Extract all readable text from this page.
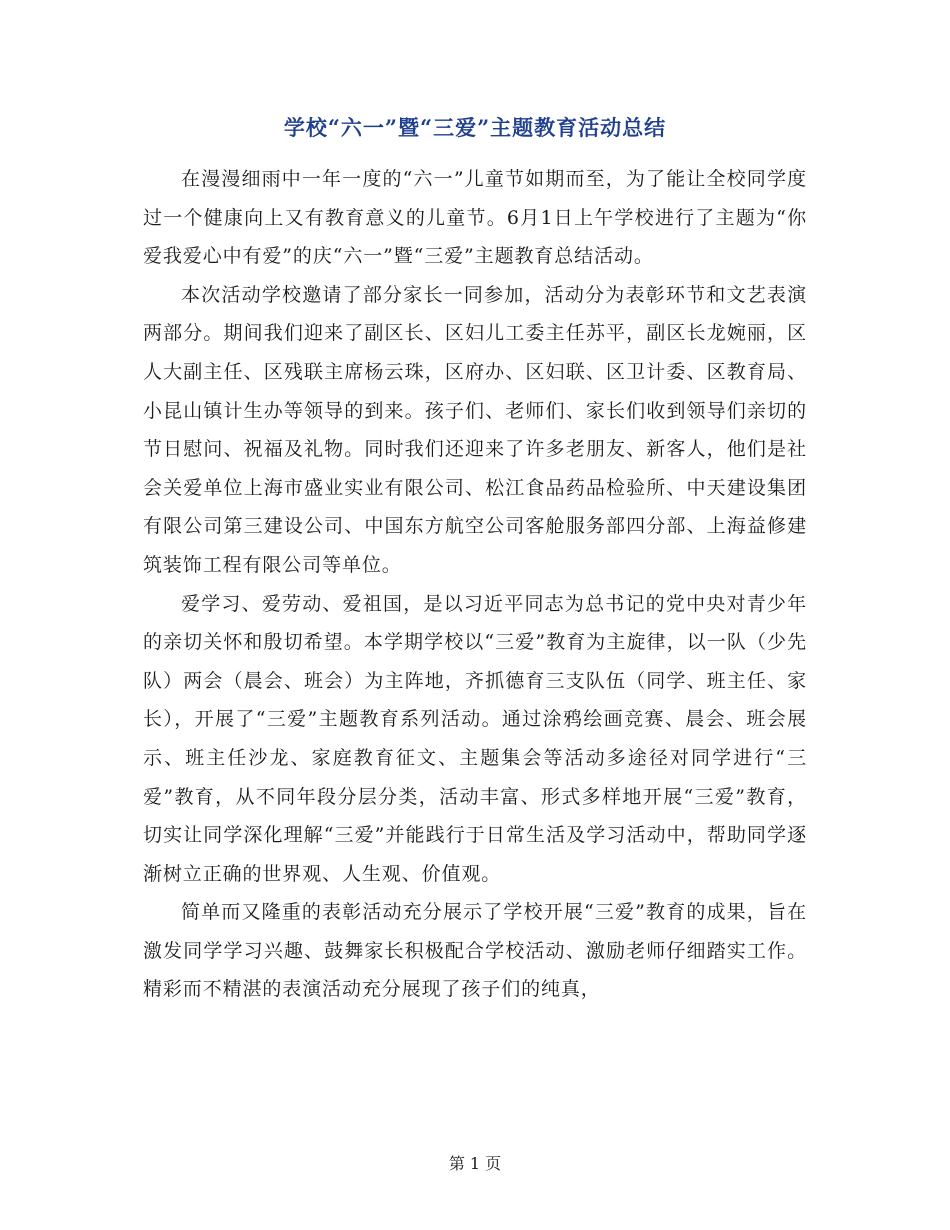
学校“六一”暨“三爱”主题教育活动总结

在漫漫细雨中一年一度的“六一”儿童节如期而至，为了能让全校同学度过一个健康向上又有教育意义的儿童节。6月1日上午学校进行了主题为“你爱我爱心中有爱”的庆“六一”暨“三爱”主题教育总结活动。

本次活动学校邀请了部分家长一同参加，活动分为表彰环节和文艺表演两部分。期间我们迎来了副区长、区妇儿工委主任苏平，副区长龙婉丽，区人大副主任、区残联主席杨云珠，区府办、区妇联、区卫计委、区教育局、小昆山镇计生办等领导的到来。孩子们、老师们、家长们收到领导们亲切的节日慰问、祝福及礼物。同时我们还迎来了许多老朋友、新客人，他们是社会关爱单位上海市盛业实业有限公司、松江食品药品检验所、中天建设集团有限公司第三建设公司、中国东方航空公司客舱服务部四分部、上海益修建筑装饰工程有限公司等单位。

爱学习、爱劳动、爱祖国，是以习近平同志为总书记的党中央对青少年的亲切关怀和殷切希望。本学期学校以“三爱”教育为主旋律，以一队（少先队）两会（晨会、班会）为主阵地，齐抓德育三支队伍（同学、班主任、家长），开展了“三爱”主题教育系列活动。通过涂鸦绘画竞赛、晨会、班会展示、班主任沙龙、家庭教育征文、主题集会等活动多途径对同学进行“三爱”教育，从不同年段分层分类，活动丰富、形式多样地开展“三爱”教育，切实让同学深化理解“三爱”并能践行于日常生活及学习活动中，帮助同学逐渐树立正确的世界观、人生观、价值观。

简单而又隆重的表彰活动充分展示了学校开展“三爱”教育的成果，旨在激发同学学习兴趣、鼓舞家长积极配合学校活动、激励老师仔细踏实工作。精彩而不精湛的表演活动充分展现了孩子们的纯真，

第 1 页
